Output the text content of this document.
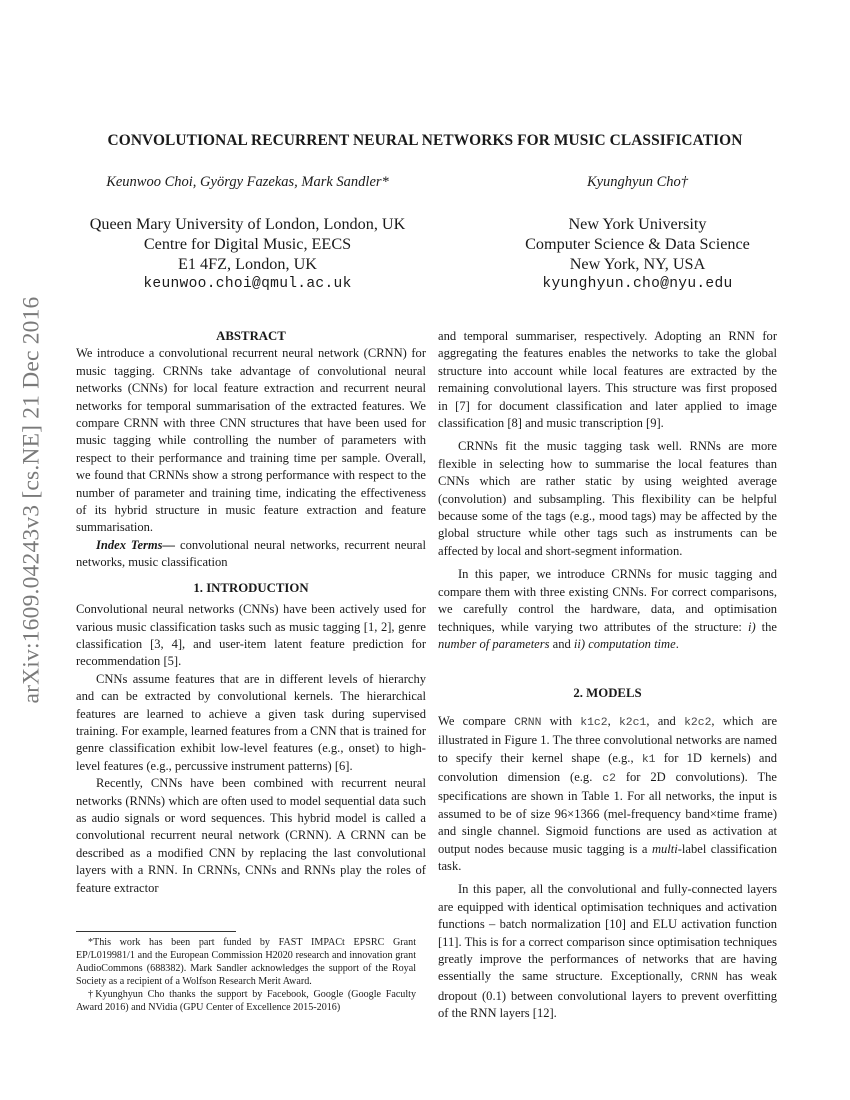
arXiv:1609.04243v3 [cs.NE] 21 Dec 2016
CONVOLUTIONAL RECURRENT NEURAL NETWORKS FOR MUSIC CLASSIFICATION
Keunwoo Choi, György Fazekas, Mark Sandler*	Kyunghyun Cho†
Queen Mary University of London, London, UK
Centre for Digital Music, EECS
E1 4FZ, London, UK
keunwoo.choi@qmul.ac.uk
New York University
Computer Science & Data Science
New York, NY, USA
kyunghyun.cho@nyu.edu

ABSTRACT

We introduce a convolutional recurrent neural network (CRNN) for music tagging. CRNNs take advantage of convolutional neural networks (CNNs) for local feature extraction and recurrent neural networks for temporal summarisation of the extracted features. We compare CRNN with three CNN structures that have been used for music tagging while controlling the number of parameters with respect to their performance and training time per sample. Overall, we found that CRNNs show a strong performance with respect to the number of parameter and training time, indicating the effectiveness of its hybrid structure in music feature extraction and feature summarisation.

Index Terms— convolutional neural networks, recurrent neural networks, music classification

1. INTRODUCTION

Convolutional neural networks (CNNs) have been actively used for various music classification tasks such as music tagging [1, 2], genre classification [3, 4], and user-item latent feature prediction for recommendation [5].

CNNs assume features that are in different levels of hierarchy and can be extracted by convolutional kernels. The hierarchical features are learned to achieve a given task during supervised training. For example, learned features from a CNN that is trained for genre classification exhibit low-level features (e.g., onset) to high-level features (e.g., percussive instrument patterns) [6].

Recently, CNNs have been combined with recurrent neural networks (RNNs) which are often used to model sequential data such as audio signals or word sequences. This hybrid model is called a convolutional recurrent neural network (CRNN). A CRNN can be described as a modified CNN by replacing the last convolutional layers with a RNN. In CRNNs, CNNs and RNNs play the roles of feature extractor

*This work has been part funded by FAST IMPACt EPSRC Grant EP/L019981/1 and the European Commission H2020 research and innovation grant AudioCommons (688382). Mark Sandler acknowledges the support of the Royal Society as a recipient of a Wolfson Research Merit Award.

†Kyunghyun Cho thanks the support by Facebook, Google (Google Faculty Award 2016) and NVidia (GPU Center of Excellence 2015-2016)

and temporal summariser, respectively. Adopting an RNN for aggregating the features enables the networks to take the global structure into account while local features are extracted by the remaining convolutional layers. This structure was first proposed in [7] for document classification and later applied to image classification [8] and music transcription [9].

CRNNs fit the music tagging task well. RNNs are more flexible in selecting how to summarise the local features than CNNs which are rather static by using weighted average (convolution) and subsampling. This flexibility can be helpful because some of the tags (e.g., mood tags) may be affected by the global structure while other tags such as instruments can be affected by local and short-segment information.

In this paper, we introduce CRNNs for music tagging and compare them with three existing CNNs. For correct comparisons, we carefully control the hardware, data, and optimisation techniques, while varying two attributes of the structure: i) the number of parameters and ii) computation time.

2. MODELS

We compare CRNN with k1c2, k2c1, and k2c2, which are illustrated in Figure 1. The three convolutional networks are named to specify their kernel shape (e.g., k1 for 1D kernels) and convolution dimension (e.g. c2 for 2D convolutions). The specifications are shown in Table 1. For all networks, the input is assumed to be of size 96×1366 (mel-frequency band×time frame) and single channel. Sigmoid functions are used as activation at output nodes because music tagging is a multi-label classification task.

In this paper, all the convolutional and fully-connected layers are equipped with identical optimisation techniques and activation functions – batch normalization [10] and ELU activation function [11]. This is for a correct comparison since optimisation techniques greatly improve the performances of networks that are having essentially the same structure. Exceptionally, CRNN has weak dropout (0.1) between convolutional layers to prevent overfitting of the RNN layers [12].
